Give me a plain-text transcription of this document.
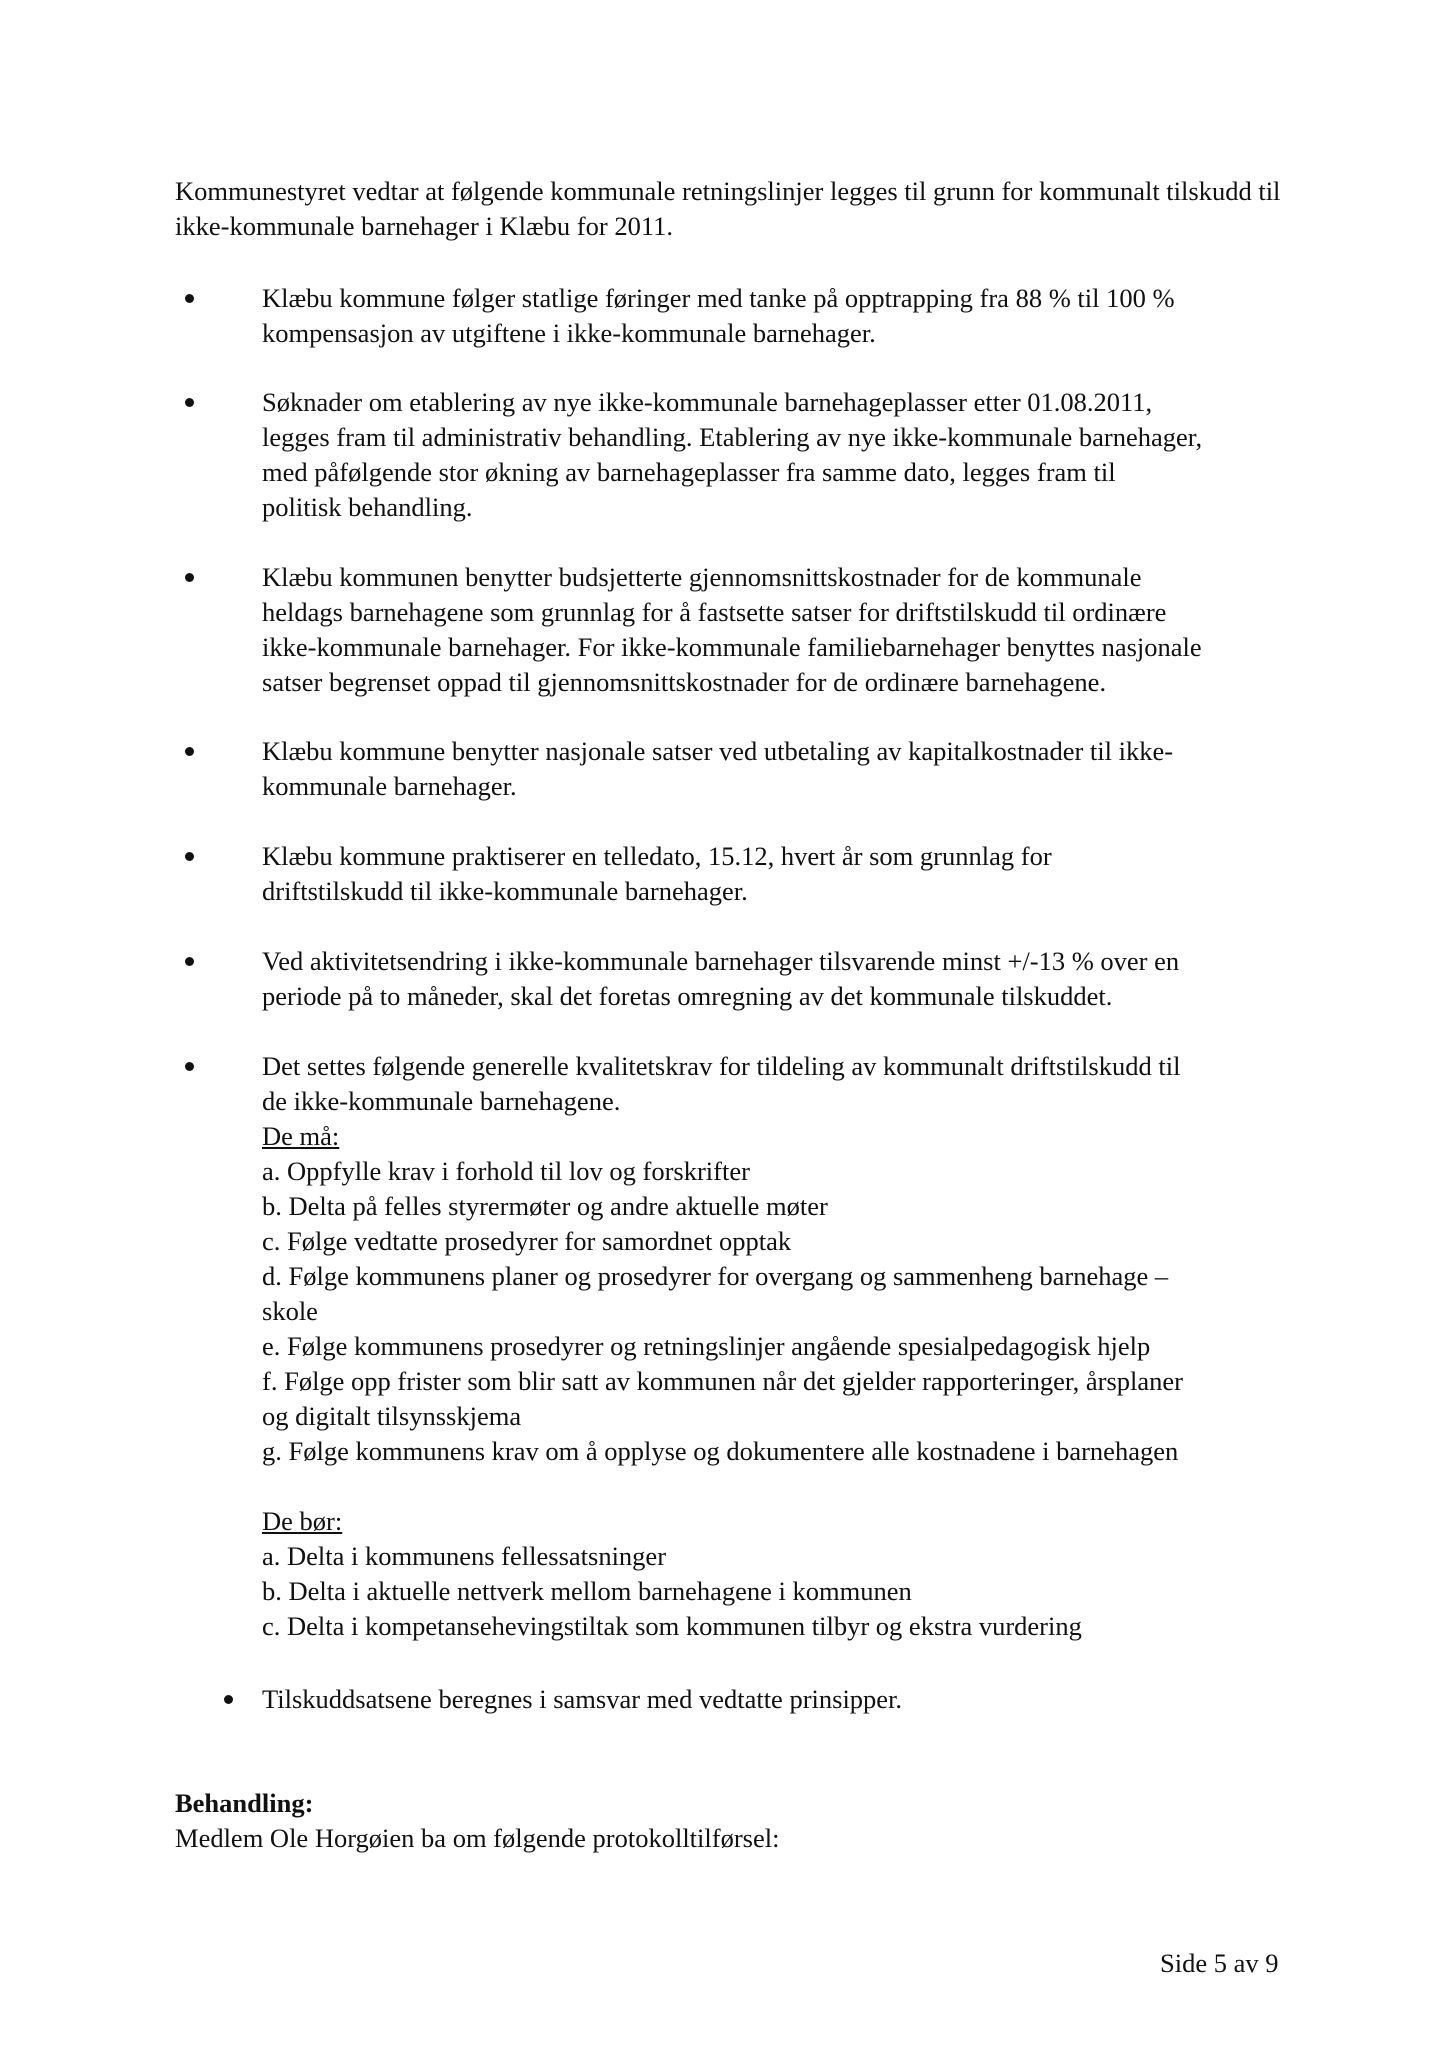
Kommunestyret vedtar at følgende kommunale retningslinjer legges til grunn for kommunalt tilskudd til ikke-kommunale barnehager i Klæbu for 2011.

Klæbu kommune følger statlige føringer med tanke på opptrapping fra 88 % til 100 %
kompensasjon av utgiftene i ikke-kommunale barnehager.
Søknader om etablering av nye ikke-kommunale barnehageplasser etter 01.08.2011,
legges fram til administrativ behandling. Etablering av nye ikke-kommunale barnehager,
med påfølgende stor økning av barnehageplasser fra samme dato, legges fram til
politisk behandling.
Klæbu kommunen benytter budsjetterte gjennomsnittskostnader for de kommunale
heldags barnehagene som grunnlag for å fastsette satser for driftstilskudd til ordinære
ikke-kommunale barnehager. For ikke-kommunale familiebarnehager benyttes nasjonale
satser begrenset oppad til gjennomsnittskostnader for de ordinære barnehagene.
Klæbu kommune benytter nasjonale satser ved utbetaling av kapitalkostnader til ikke-
kommunale barnehager.
Klæbu kommune praktiserer en telledato, 15.12, hvert år som grunnlag for
driftstilskudd til ikke-kommunale barnehager.
Ved aktivitetsendring i ikke-kommunale barnehager tilsvarende minst +/-13 % over en
periode på to måneder, skal det foretas omregning av det kommunale tilskuddet.
Det settes følgende generelle kvalitetskrav for tildeling av kommunalt driftstilskudd til
de ikke-kommunale barnehagene.
De må:
a. Oppfylle krav i forhold til lov og forskrifter
b. Delta på felles styrermøter og andre aktuelle møter
c. Følge vedtatte prosedyrer for samordnet opptak
d. Følge kommunens planer og prosedyrer for overgang og sammenheng barnehage –
skole
e. Følge kommunens prosedyrer og retningslinjer angående spesialpedagogisk hjelp
f. Følge opp frister som blir satt av kommunen når det gjelder rapporteringer, årsplaner
og digitalt tilsynsskjema
g. Følge kommunens krav om å opplyse og dokumentere alle kostnadene i barnehagen
De bør:
a. Delta i kommunens fellessatsninger
b. Delta i aktuelle nettverk mellom barnehagene i kommunen
c. Delta i kompetansehevingstiltak som kommunen tilbyr og ekstra vurdering
Tilskuddsatsene beregnes i samsvar med vedtatte prinsipper.

Behandling:

Medlem Ole Horgøien ba om følgende protokolltilførsel:

Side 5 av 9
